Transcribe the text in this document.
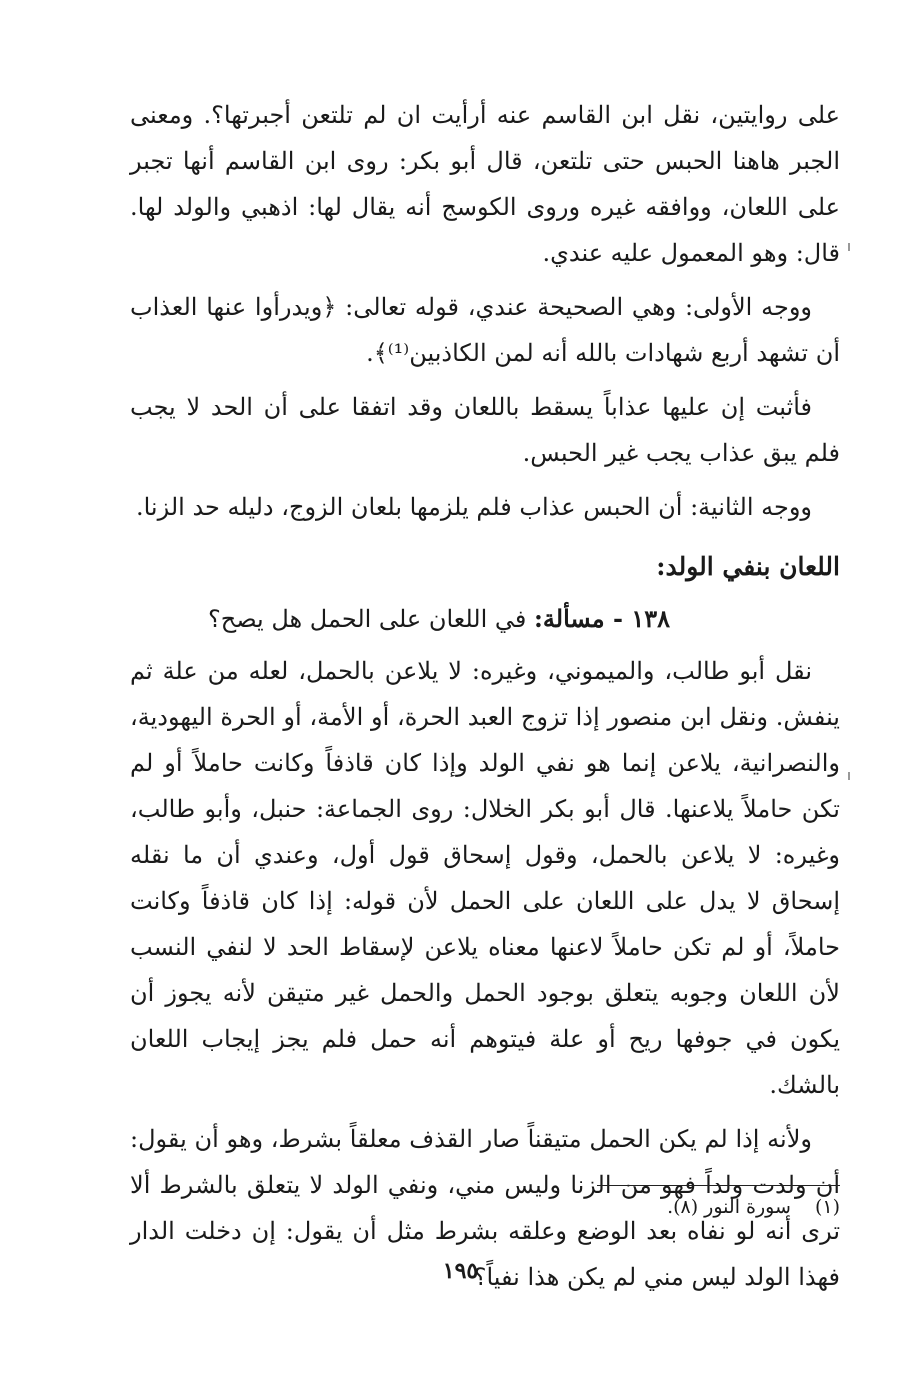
على روايتين، نقل ابن القاسم عنه أرأيت ان لم تلتعن أجبرتها؟. ومعنى الجبر هاهنا الحبس حتى تلتعن، قال أبو بكر: روى ابن القاسم أنها تجبر على اللعان، ووافقه غيره وروى الكوسج أنه يقال لها: اذهبي والولد لها. قال: وهو المعمول عليه عندي.

ووجه الأولى: وهي الصحيحة عندي، قوله تعالى: ﴿ويدرأوا عنها العذاب أن تشهد أربع شهادات بالله أنه لمن الكاذبين⁽¹⁾﴾.

فأثبت إن عليها عذاباً يسقط باللعان وقد اتفقا على أن الحد لا يجب فلم يبق عذاب يجب غير الحبس.

ووجه الثانية: أن الحبس عذاب فلم يلزمها بلعان الزوج، دليله حد الزنا.

اللعان بنفي الولد:

١٣٨ - مسألة: في اللعان على الحمل هل يصح؟

نقل أبو طالب، والميموني، وغيره: لا يلاعن بالحمل، لعله من علة ثم ينفش. ونقل ابن منصور إذا تزوج العبد الحرة، أو الأمة، أو الحرة اليهودية، والنصرانية، يلاعن إنما هو نفي الولد وإذا كان قاذفاً وكانت حاملاً أو لم تكن حاملاً يلاعنها. قال أبو بكر الخلال: روى الجماعة: حنبل، وأبو طالب، وغيره: لا يلاعن بالحمل، وقول إسحاق قول أول، وعندي أن ما نقله إسحاق لا يدل على اللعان على الحمل لأن قوله: إذا كان قاذفاً وكانت حاملاً، أو لم تكن حاملاً لاعنها معناه يلاعن لإسقاط الحد لا لنفي النسب لأن اللعان وجوبه يتعلق بوجود الحمل والحمل غير متيقن لأنه يجوز أن يكون في جوفها ريح أو علة فيتوهم أنه حمل فلم يجز إيجاب اللعان بالشك.

ولأنه إذا لم يكن الحمل متيقناً صار القذف معلقاً بشرط، وهو أن يقول: أن ولدت ولداً فهو من الزنا وليس مني، ونفي الولد لا يتعلق بالشرط ألا ترى أنه لو نفاه بعد الوضع وعلقه بشرط مثل أن يقول: إن دخلت الدار فهذا الولد ليس مني لم يكن هذا نفياً؟

(١) سورة النور (٨).
١٩٥
